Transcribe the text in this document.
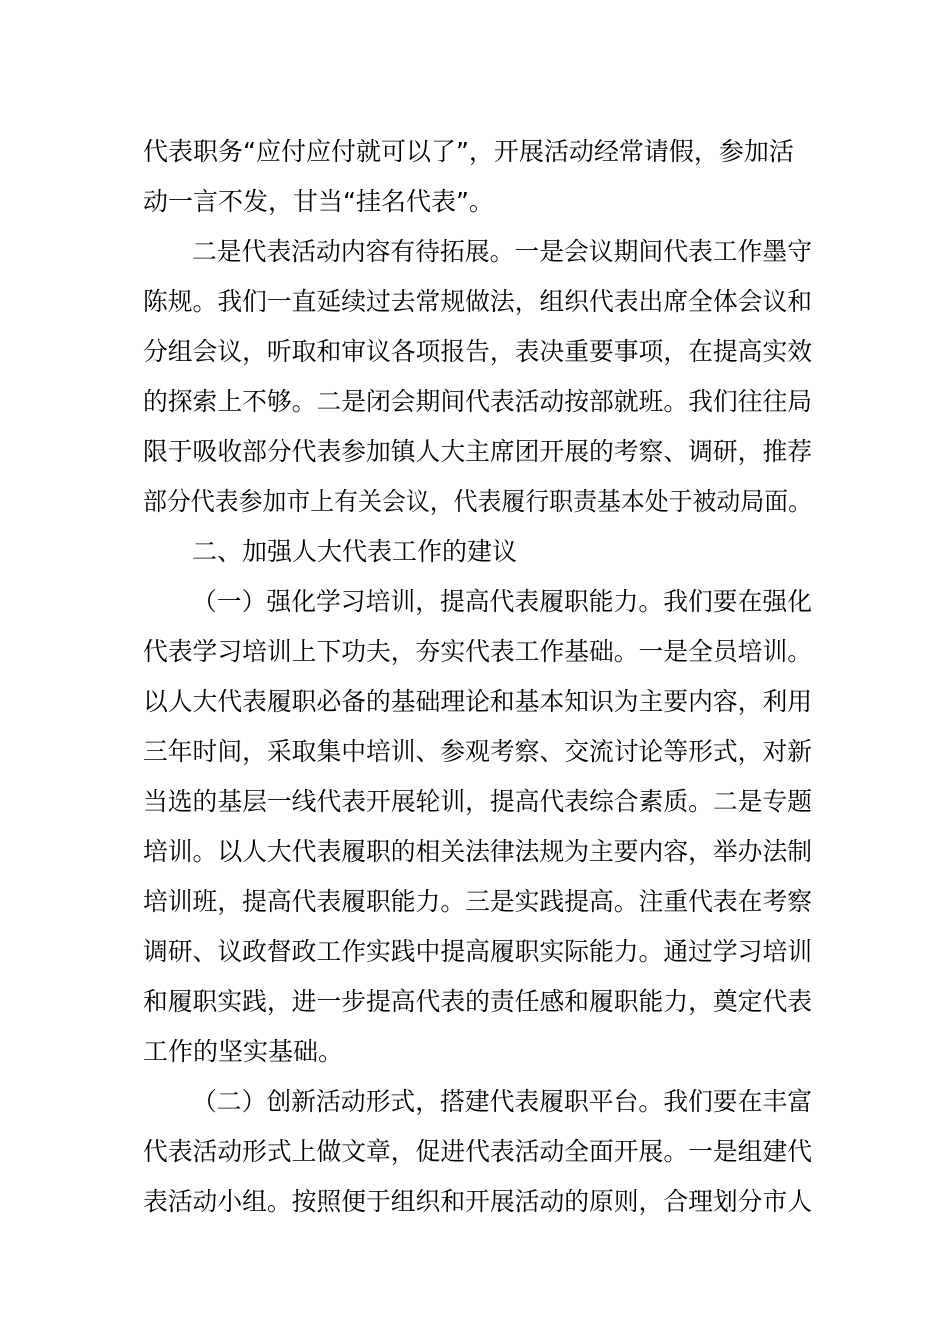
代表职务“应付应付就可以了”，开展活动经常请假，参加活
动一言不发，甘当“挂名代表”。
二是代表活动内容有待拓展。一是会议期间代表工作墨守
陈规。我们一直延续过去常规做法，组织代表出席全体会议和
分组会议，听取和审议各项报告，表决重要事项，在提高实效
的探索上不够。二是闭会期间代表活动按部就班。我们往往局
限于吸收部分代表参加镇人大主席团开展的考察、调研，推荐
部分代表参加市上有关会议，代表履行职责基本处于被动局面。
二、加强人大代表工作的建议
（一）强化学习培训，提高代表履职能力。我们要在强化
代表学习培训上下功夫，夯实代表工作基础。一是全员培训。
以人大代表履职必备的基础理论和基本知识为主要内容，利用
三年时间，采取集中培训、参观考察、交流讨论等形式，对新
当选的基层一线代表开展轮训，提高代表综合素质。二是专题
培训。以人大代表履职的相关法律法规为主要内容，举办法制
培训班，提高代表履职能力。三是实践提高。注重代表在考察
调研、议政督政工作实践中提高履职实际能力。通过学习培训
和履职实践，进一步提高代表的责任感和履职能力，奠定代表
工作的坚实基础。
（二）创新活动形式，搭建代表履职平台。我们要在丰富
代表活动形式上做文章，促进代表活动全面开展。一是组建代
表活动小组。按照便于组织和开展活动的原则，合理划分市人
